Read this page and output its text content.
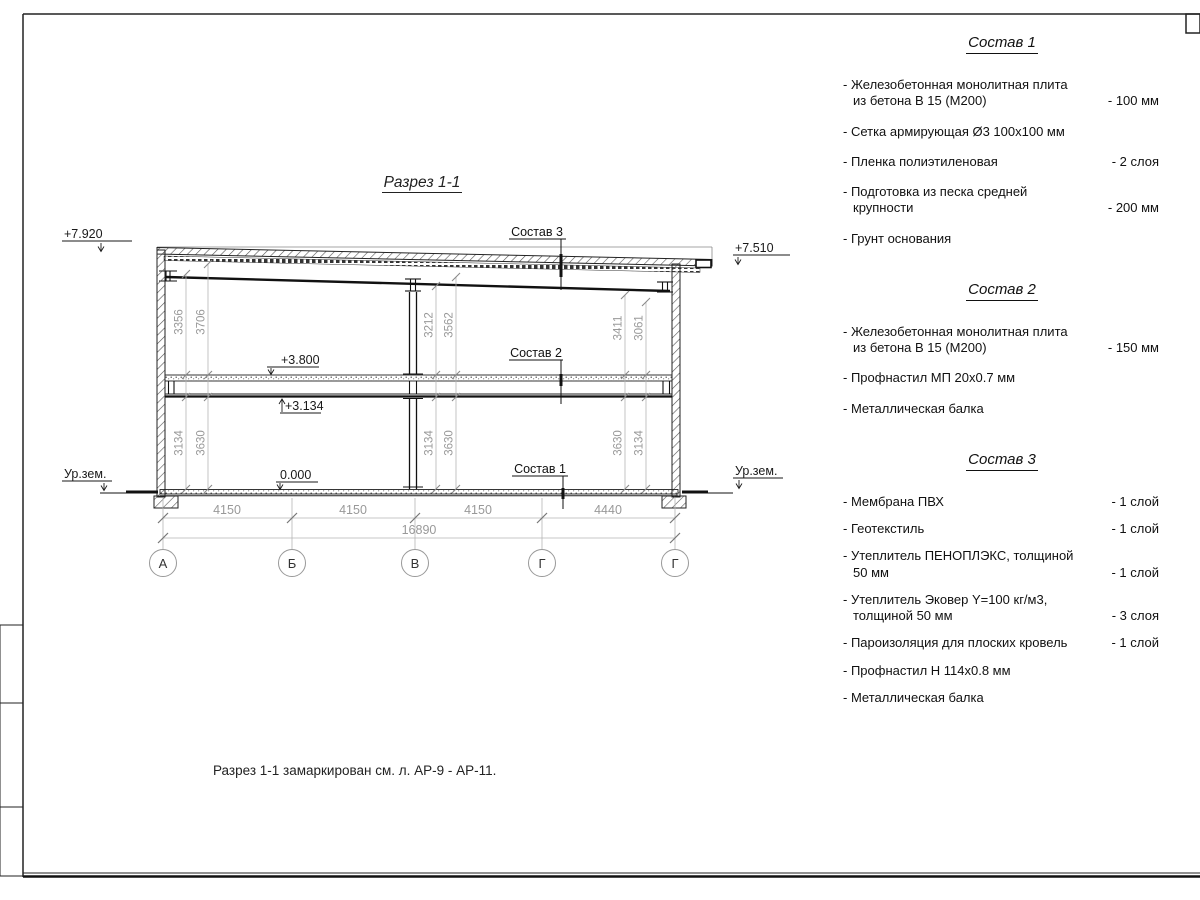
3356 3706
3134 3630
3212 3562
3134 3630
3411 3061
3630 3134
4150	4150	4150	4440
16890
А	Б	В	Г	Г
+7.920
+7.510
+3.800
+3.134
0.000
Ур.зем.	Ур.зем.
Состав 3
Состав 2
Состав 1
Разрез 1-1
Состав 1
- Железобетонная монолитная плита из бетона В 15 (М200)	- 100 мм
- Сетка армирующая Ø3 100х100 мм
- Пленка полиэтиленовая	- 2 слоя
- Подготовка из песка средней крупности	- 200 мм
- Грунт основания
Состав 2
- Железобетонная монолитная плита из бетона В 15 (М200)	- 150 мм
- Профнастил МП 20х0.7 мм
- Металлическая балка
Состав 3
- Мембрана ПВХ	- 1 слой
- Геотекстиль	- 1 слой
- Утеплитель ПЕНОПЛЭКС, толщиной 50 мм	- 1 слой
- Утеплитель Эковер Y=100 кг/м3, толщиной 50 мм	- 3 слоя
- Пароизоляция для плоских кровель	- 1 слой
- Профнастил Н 114х0.8 мм
- Металлическая балка
Разрез 1-1 замаркирован см. л. АР-9 - АР-11.
